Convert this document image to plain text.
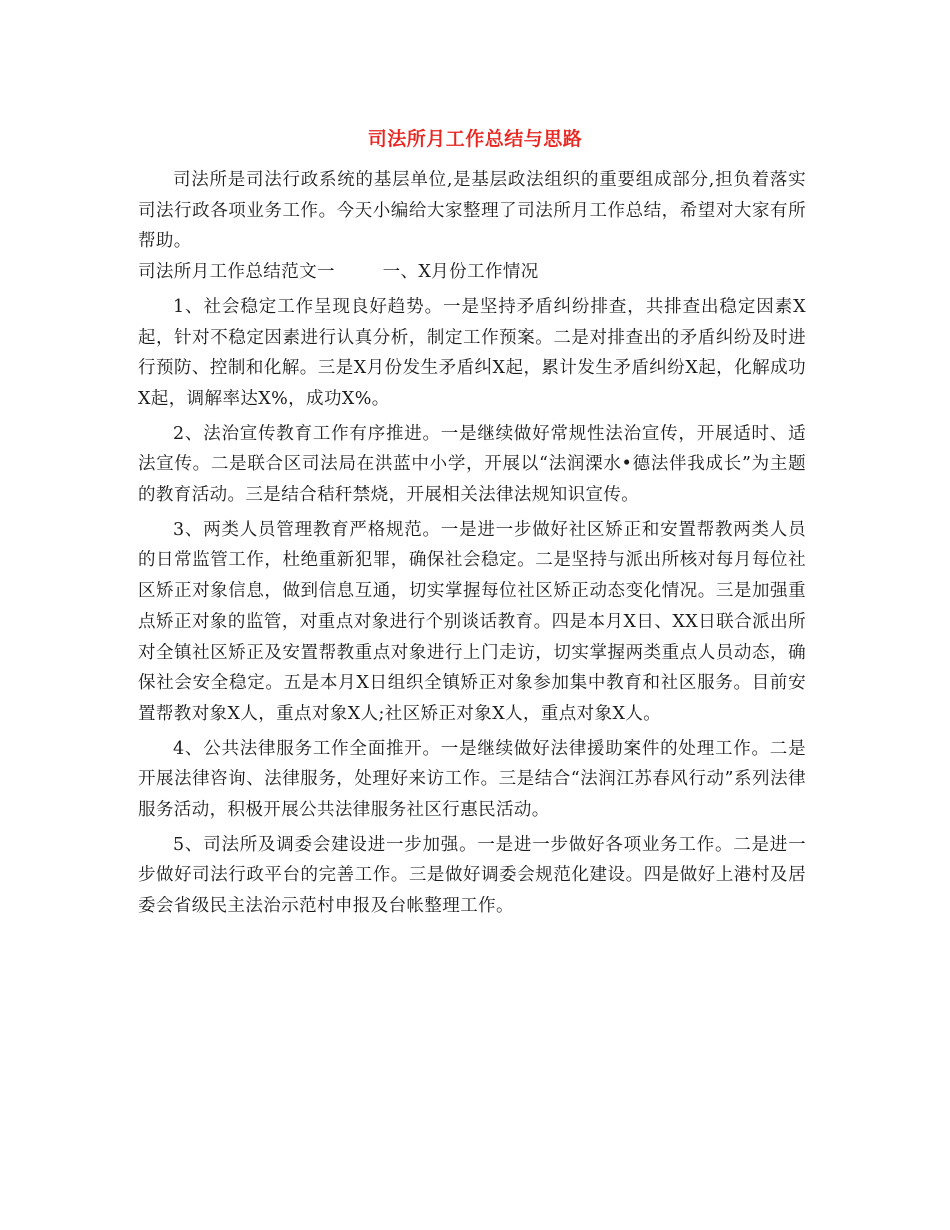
司法所月工作总结与思路

司法所是司法行政系统的基层单位,是基层政法组织的重要组成部分,担负着落实司法行政各项业务工作。今天小编给大家整理了司法所月工作总结，希望对大家有所帮助。

司法所月工作总结范文一	一、X月份工作情况

1、社会稳定工作呈现良好趋势。一是坚持矛盾纠纷排查，共排查出稳定因素X起，针对不稳定因素进行认真分析，制定工作预案。二是对排查出的矛盾纠纷及时进行预防、控制和化解。三是X月份发生矛盾纠X起，累计发生矛盾纠纷X起，化解成功X起，调解率达X%，成功X%。

2、法治宣传教育工作有序推进。一是继续做好常规性法治宣传，开展适时、适法宣传。二是联合区司法局在洪蓝中小学，开展以“法润溧水•德法伴我成长”为主题的教育活动。三是结合秸秆禁烧，开展相关法律法规知识宣传。

3、两类人员管理教育严格规范。一是进一步做好社区矫正和安置帮教两类人员的日常监管工作，杜绝重新犯罪，确保社会稳定。二是坚持与派出所核对每月每位社区矫正对象信息，做到信息互通，切实掌握每位社区矫正动态变化情况。三是加强重点矫正对象的监管，对重点对象进行个别谈话教育。四是本月X日、XX日联合派出所对全镇社区矫正及安置帮教重点对象进行上门走访，切实掌握两类重点人员动态，确保社会安全稳定。五是本月X日组织全镇矫正对象参加集中教育和社区服务。目前安置帮教对象X人，重点对象X人;社区矫正对象X人，重点对象X人。

4、公共法律服务工作全面推开。一是继续做好法律援助案件的处理工作。二是开展法律咨询、法律服务，处理好来访工作。三是结合“法润江苏春风行动”系列法律服务活动，积极开展公共法律服务社区行惠民活动。

5、司法所及调委会建设进一步加强。一是进一步做好各项业务工作。二是进一步做好司法行政平台的完善工作。三是做好调委会规范化建设。四是做好上港村及居委会省级民主法治示范村申报及台帐整理工作。
